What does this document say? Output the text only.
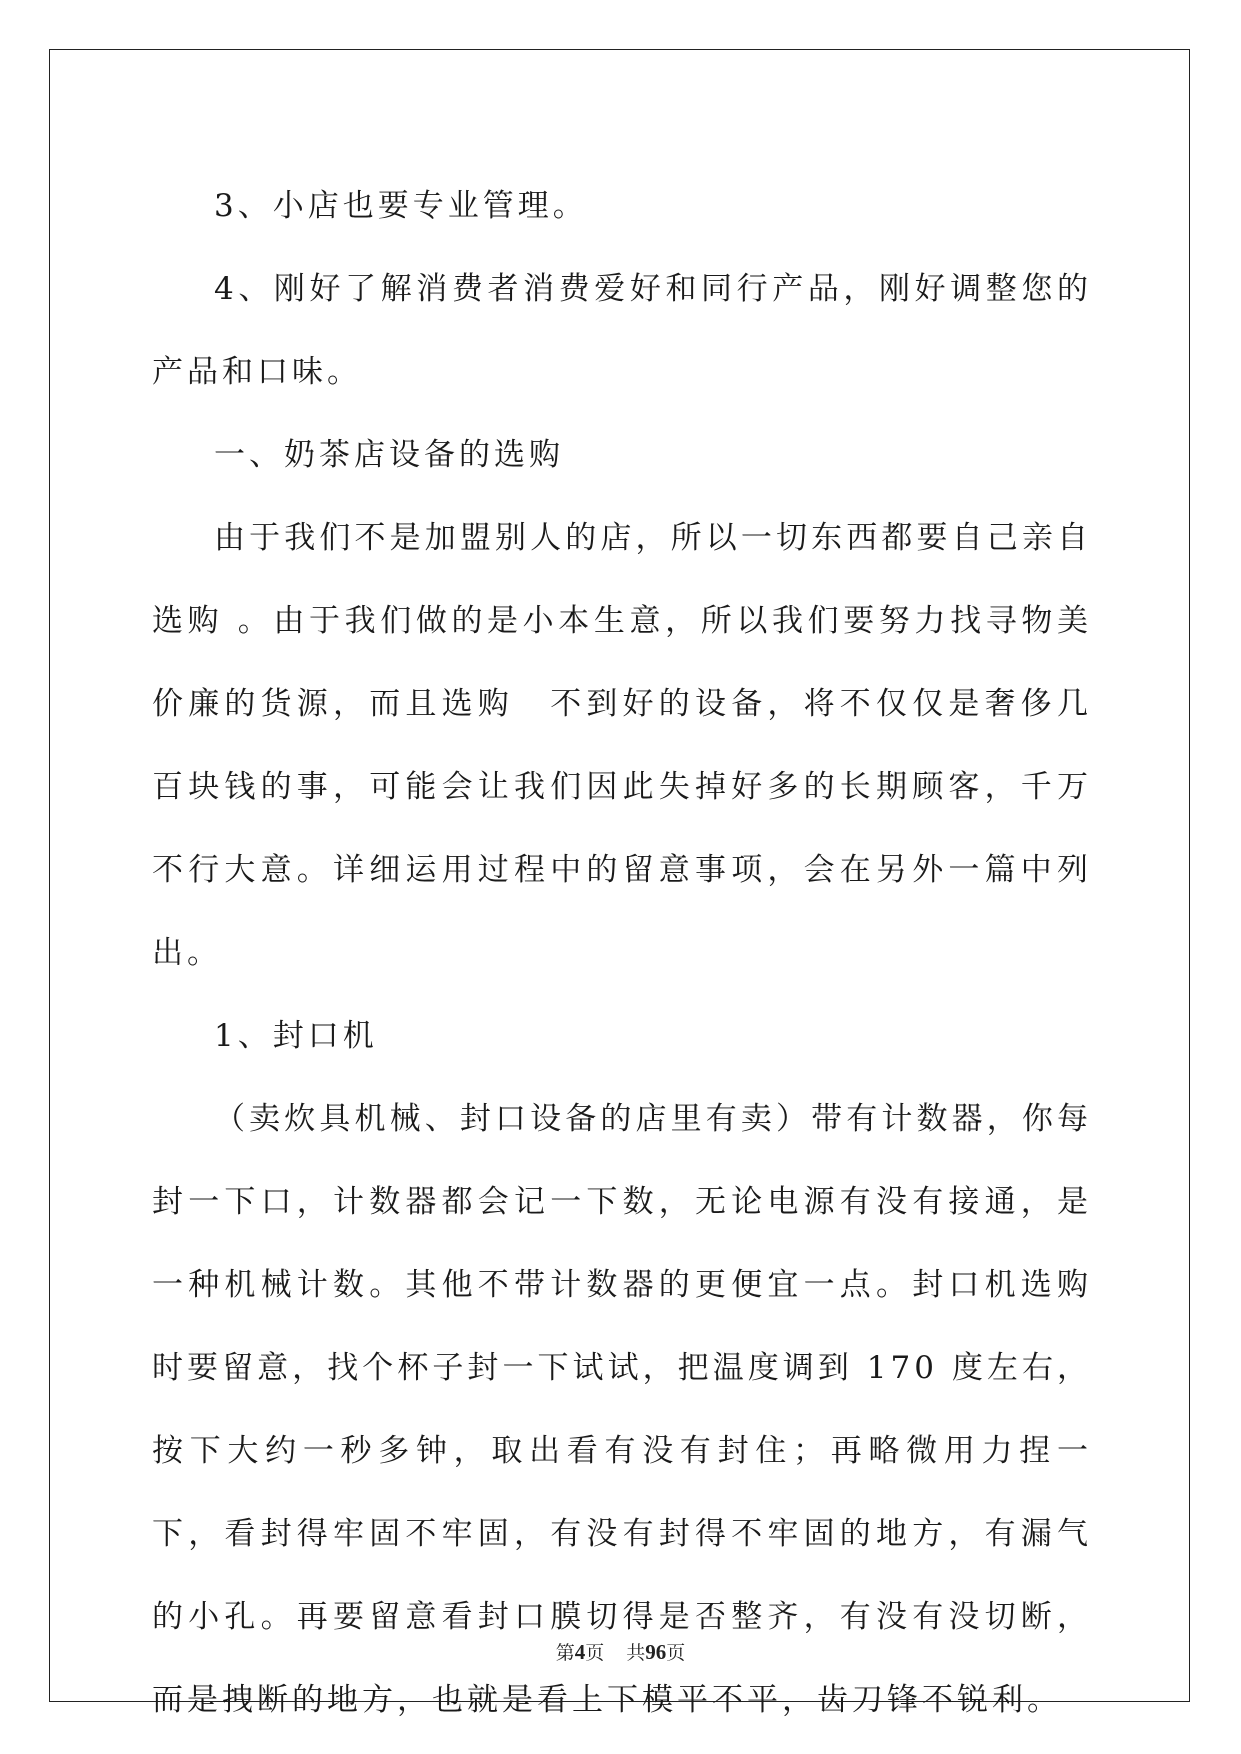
3、小店也要专业管理。

4、刚好了解消费者消费爱好和同行产品，刚好调整您的产品和口味。

一、奶茶店设备的选购

由于我们不是加盟别人的店，所以一切东西都要自己亲自选购 。由于我们做的是小本生意，所以我们要努力找寻物美价廉的货源，而且选购　不到好的设备，将不仅仅是奢侈几百块钱的事，可能会让我们因此失掉好多的长期顾客，千万不行大意。详细运用过程中的留意事项，会在另外一篇中列出。

1、封口机

（卖炊具机械、封口设备的店里有卖）带有计数器，你每封一下口，计数器都会记一下数，无论电源有没有接通，是一种机械计数。其他不带计数器的更便宜一点。封口机选购时要留意，找个杯子封一下试试，把温度调到 170 度左右，按下大约一秒多钟，取出看有没有封住；再略微用力捏一下，看封得牢固不牢固，有没有封得不牢固的地方，有漏气的小孔。再要留意看封口膜切得是否整齐，有没有没切断，而是拽断的地方，也就是看上下模平不平，齿刀锋不锐利。

第4页 共96页
